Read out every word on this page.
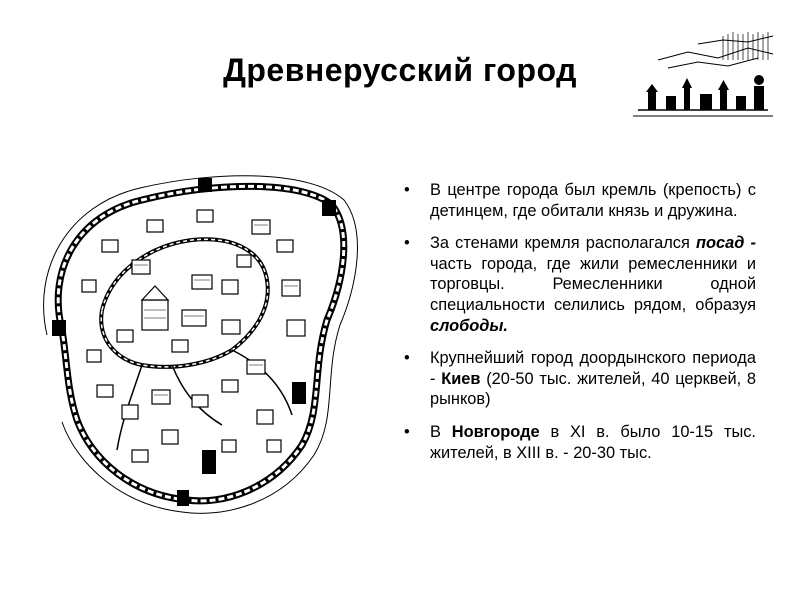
Древнерусский город
• В центре города был кремль (крепость) с детинцем, где обитали князь и дружина.
• За стенами кремля располагался посад - часть города, где жили ремесленники и торговцы. Ремесленники одной специальности селились рядом, образуя слободы.
• Крупнейший город доордынского периода - Киев (20-50 тыс. жителей, 40 церквей, 8 рынков)
• В Новгороде в XI в. было 10-15 тыс. жителей, в XIII в. - 20-30 тыс.
